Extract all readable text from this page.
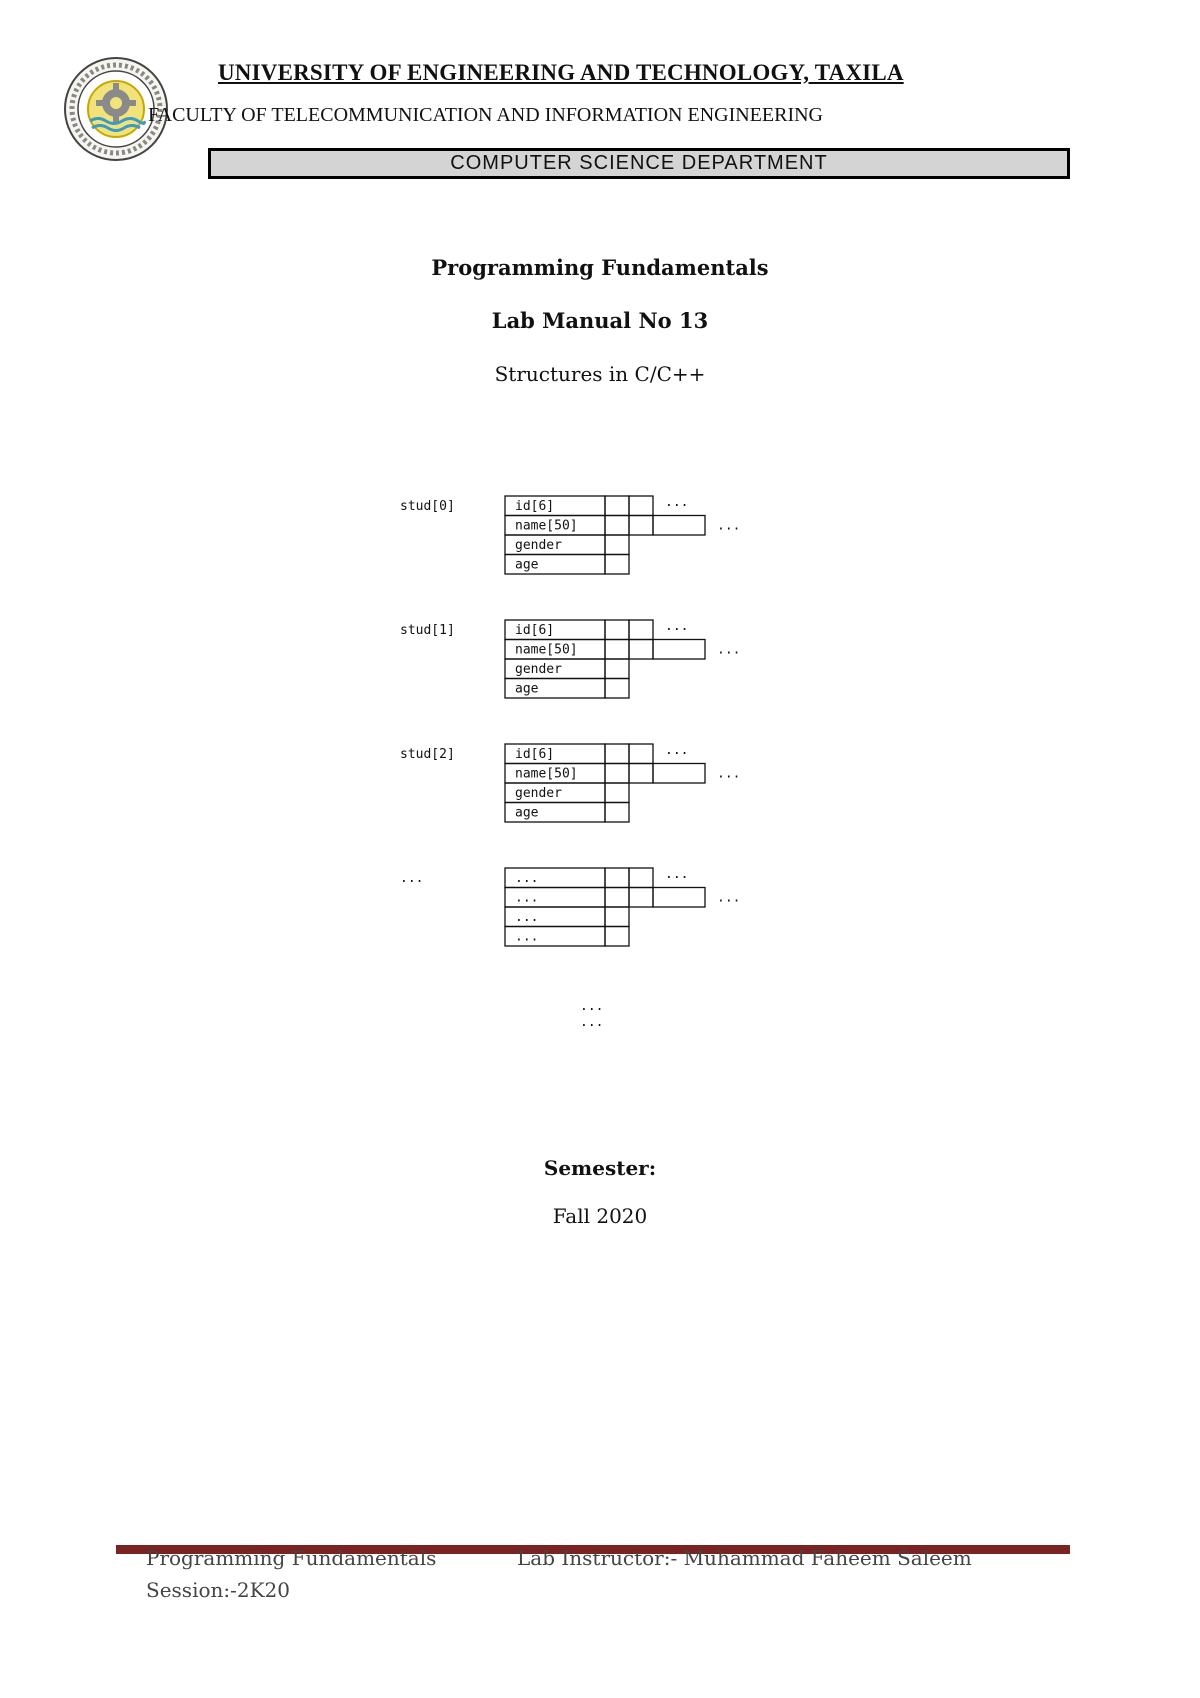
UNIVERSITY OF ENGINEERING AND TECHNOLOGY, TAXILA
FACULTY OF TELECOMMUNICATION AND INFORMATION ENGINEERING
COMPUTER SCIENCE DEPARTMENT
Programming Fundamentals
Lab Manual No 13
Structures in C/C++
stud[0]	id[6]	...
name[50]	...
gender
age
stud[1]	id[6]	...
name[50]	...
gender
age
stud[2]	id[6]	...
name[50]	...
gender
age
...	...	...
...	...
...
...
...
...
Semester:
Fall 2020
Programming Fundamentals	Lab Instructor:- Muhammad Faheem Saleem
Session:-2K20
